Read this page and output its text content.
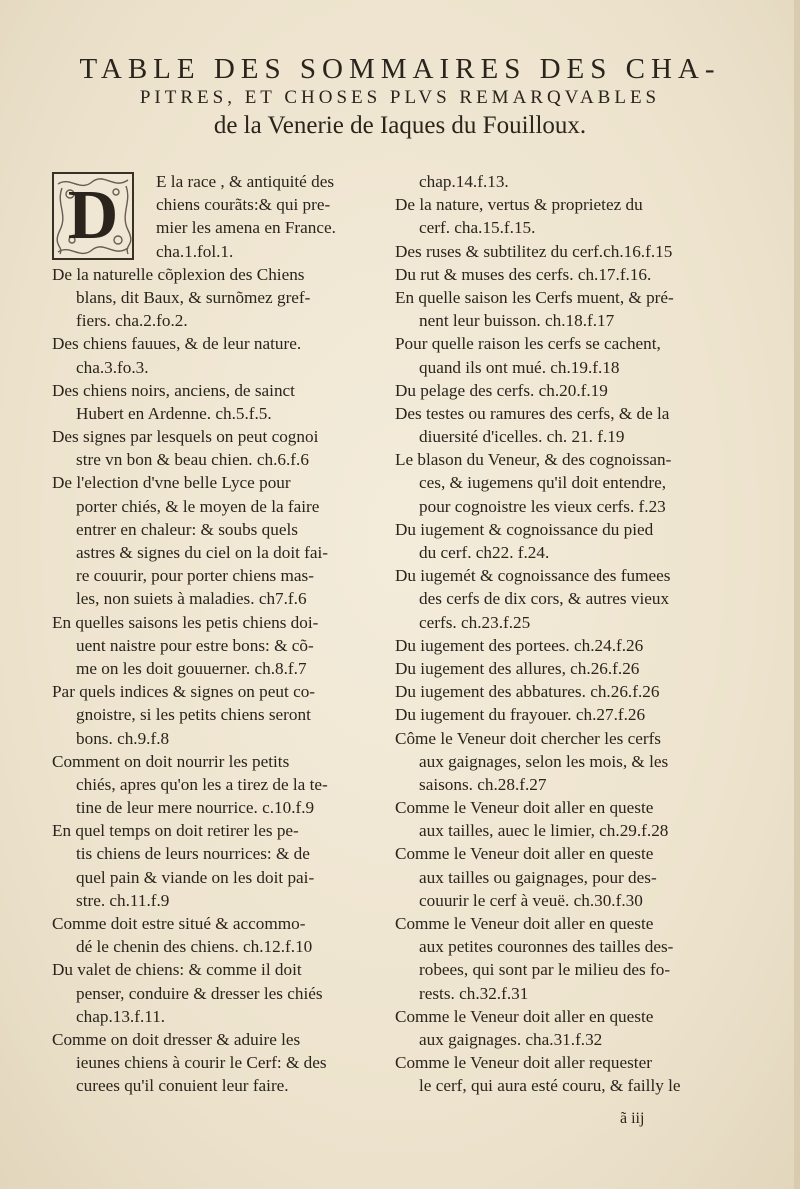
TABLE DES SOMMAIRES DES CHA-
PITRES, ET CHOSES PLVS REMARQVABLES
de la Venerie de Iaques du Fouilloux.
D	E la race , & antiquité des
chiens courãts:& qui pre-
mier les amena en France.
cha.1.fol.1.
De la naturelle cõplexion des Chiens
blans, dit Baux, & surnõmez gref-
fiers. cha.2.fo.2.
Des chiens fauues, & de leur nature.
cha.3.fo.3.
Des chiens noirs, anciens, de sainct
Hubert en Ardenne. ch.5.f.5.
Des signes par lesquels on peut cognoi
stre vn bon & beau chien. ch.6.f.6
De l'election d'vne belle Lyce pour
porter chiés, & le moyen de la faire
entrer en chaleur: & soubs quels
astres & signes du ciel on la doit fai-
re couurir, pour porter chiens mas-
les, non suiets à maladies. ch7.f.6
En quelles saisons les petis chiens doi-
uent naistre pour estre bons: & cõ-
me on les doit gouuerner. ch.8.f.7
Par quels indices & signes on peut co-
gnoistre, si les petits chiens seront
bons. ch.9.f.8
Comment on doit nourrir les petits
chiés, apres qu'on les a tirez de la te-
tine de leur mere nourrice. c.10.f.9
En quel temps on doit retirer les pe-
tis chiens de leurs nourrices: & de
quel pain & viande on les doit pai-
stre. ch.11.f.9
Comme doit estre situé & accommo-
dé le chenin des chiens. ch.12.f.10
Du valet de chiens: & comme il doit
penser, conduire & dresser les chiés
chap.13.f.11.
Comme on doit dresser & aduire les
ieunes chiens à courir le Cerf: & des
curees qu'il conuient leur faire.
chap.14.f.13.
De la nature, vertus & proprietez du
cerf. cha.15.f.15.
Des ruses & subtilitez du cerf.ch.16.f.15
Du rut & muses des cerfs. ch.17.f.16.
En quelle saison les Cerfs muent, & pré-
nent leur buisson. ch.18.f.17
Pour quelle raison les cerfs se cachent,
quand ils ont mué. ch.19.f.18
Du pelage des cerfs. ch.20.f.19
Des testes ou ramures des cerfs, & de la
diuersité d'icelles. ch. 21. f.19
Le blason du Veneur, & des cognoissan-
ces, & iugemens qu'il doit entendre,
pour cognoistre les vieux cerfs. f.23
Du iugement & cognoissance du pied
du cerf. ch22. f.24.
Du iugemét & cognoissance des fumees
des cerfs de dix cors, & autres vieux
cerfs. ch.23.f.25
Du iugement des portees. ch.24.f.26
Du iugement des allures, ch.26.f.26
Du iugement des abbatures. ch.26.f.26
Du iugement du frayouer. ch.27.f.26
Côme le Veneur doit chercher les cerfs
aux gaignages, selon les mois, & les
saisons. ch.28.f.27
Comme le Veneur doit aller en queste
aux tailles, auec le limier, ch.29.f.28
Comme le Veneur doit aller en queste
aux tailles ou gaignages, pour des-
couurir le cerf à veuë. ch.30.f.30
Comme le Veneur doit aller en queste
aux petites couronnes des tailles des-
robees, qui sont par le milieu des fo-
rests. ch.32.f.31
Comme le Veneur doit aller en queste
aux gaignages. cha.31.f.32
Comme le Veneur doit aller requester
le cerf, qui aura esté couru, & failly le
ã iij
